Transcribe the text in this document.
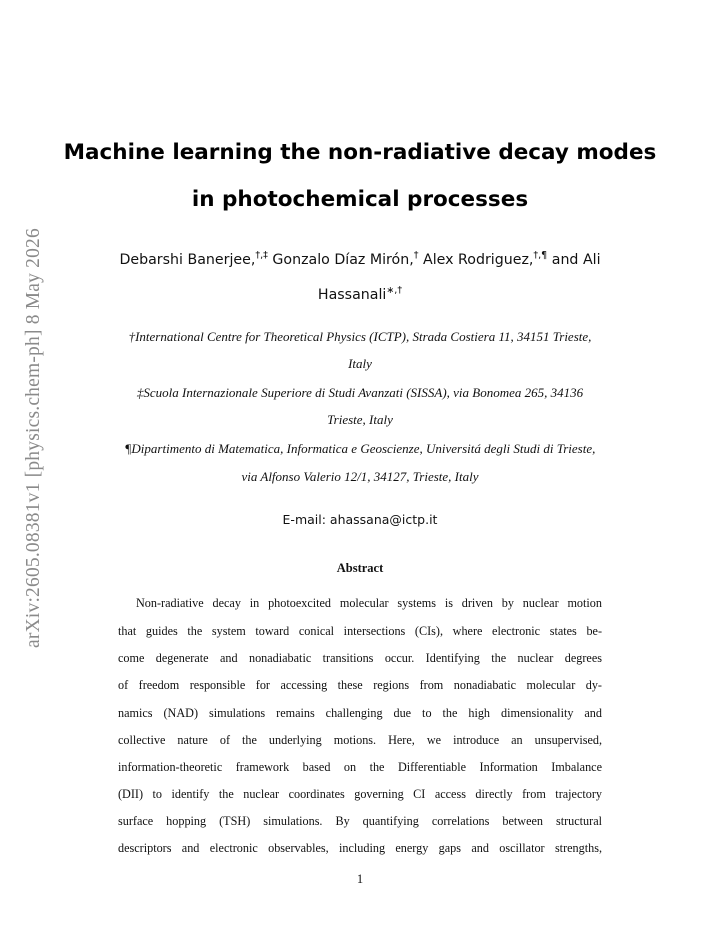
arXiv:2605.08381v1 [physics.chem-ph] 8 May 2026
Machine learning the non-radiative decay modes
in photochemical processes
Debarshi Banerjee,†,‡ Gonzalo Díaz Mirón,† Alex Rodriguez,†,¶ and Ali
Hassanali∗,†
†International Centre for Theoretical Physics (ICTP), Strada Costiera 11, 34151 Trieste,
Italy
‡Scuola Internazionale Superiore di Studi Avanzati (SISSA), via Bonomea 265, 34136
Trieste, Italy
¶Dipartimento di Matematica, Informatica e Geoscienze, Universitá degli Studi di Trieste,
via Alfonso Valerio 12/1, 34127, Trieste, Italy
E-mail: ahassana@ictp.it
Abstract
Non-radiative decay in photoexcited molecular systems is driven by nuclear motion
that guides the system toward conical intersections (CIs), where electronic states be-
come degenerate and nonadiabatic transitions occur. Identifying the nuclear degrees
of freedom responsible for accessing these regions from nonadiabatic molecular dy-
namics (NAD) simulations remains challenging due to the high dimensionality and
collective nature of the underlying motions. Here, we introduce an unsupervised,
information-theoretic framework based on the Differentiable Information Imbalance
(DII) to identify the nuclear coordinates governing CI access directly from trajectory
surface hopping (TSH) simulations. By quantifying correlations between structural
descriptors and electronic observables, including energy gaps and oscillator strengths,
1
